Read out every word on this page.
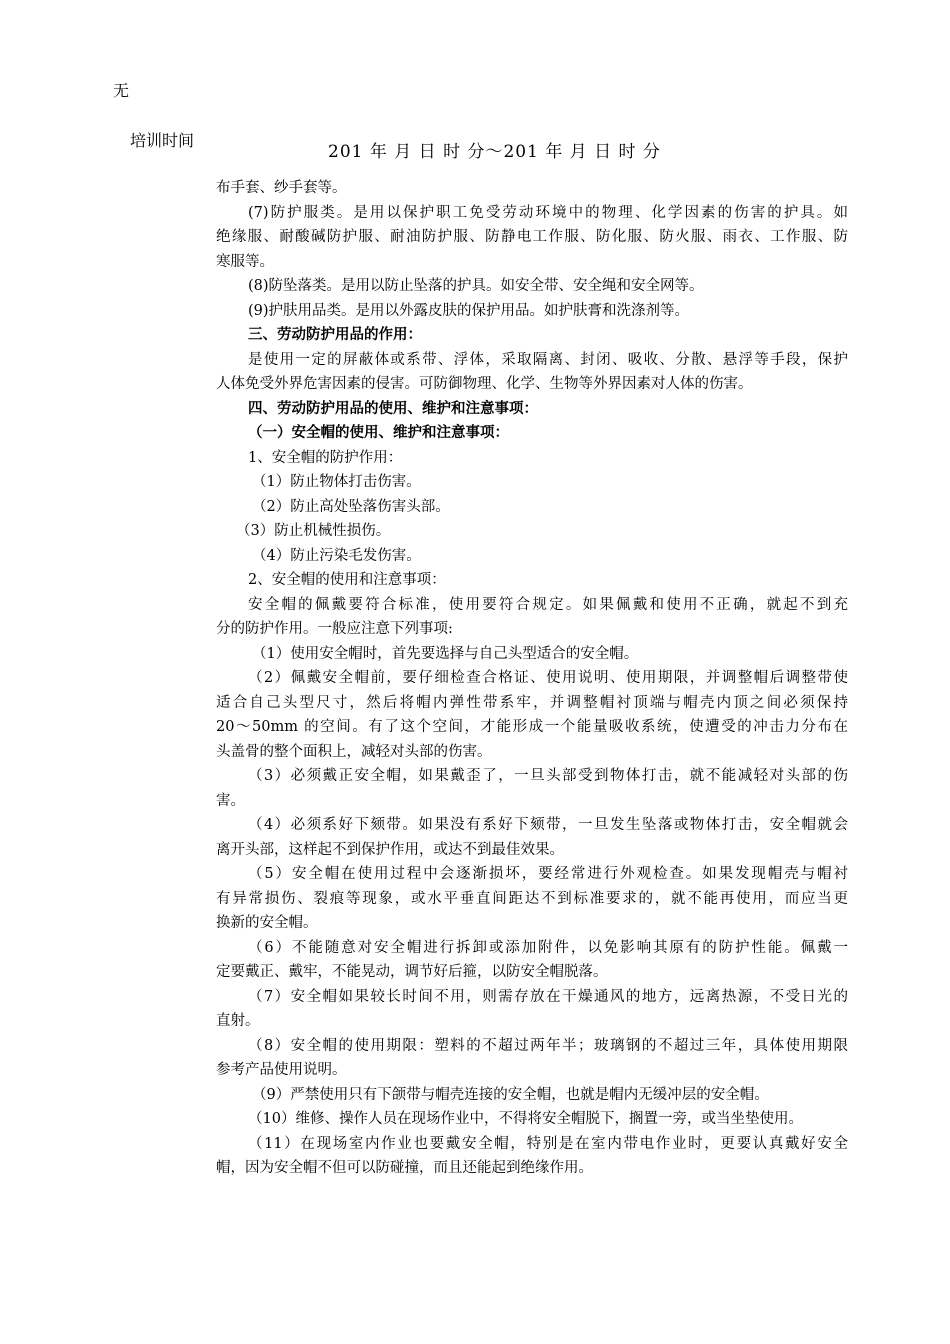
无
培训时间
201 年 月 日 时 分～201 年 月 日 时 分
布手套、纱手套等。
(7)防护服类。是用以保护职工免受劳动环境中的物理、化学因素的伤害的护具。如
绝缘服、耐酸碱防护服、耐油防护服、防静电工作服、防化服、防火服、雨衣、工作服、防
寒服等。
(8)防坠落类。是用以防止坠落的护具。如安全带、安全绳和安全网等。
(9)护肤用品类。是用以外露皮肤的保护用品。如护肤膏和洗涤剂等。
三、劳动防护用品的作用：
是使用一定的屏蔽体或系带、浮体，采取隔离、封闭、吸收、分散、悬浮等手段，保护
人体免受外界危害因素的侵害。可防御物理、化学、生物等外界因素对人体的伤害。
四、劳动防护用品的使用、维护和注意事项：
（一）安全帽的使用、维护和注意事项：
1、安全帽的防护作用：
（1）防止物体打击伤害。
（2）防止高处坠落伤害头部。
（3）防止机械性损伤。
（4）防止污染毛发伤害。
2、安全帽的使用和注意事项：
安全帽的佩戴要符合标准，使用要符合规定。如果佩戴和使用不正确，就起不到充
分的防护作用。一般应注意下列事项:
（1）使用安全帽时，首先要选择与自己头型适合的安全帽。
（2）佩戴安全帽前，要仔细检查合格证、使用说明、使用期限，并调整帽后调整带使
适合自己头型尺寸，然后将帽内弹性带系牢，并调整帽衬顶端与帽壳内顶之间必须保持
20～50mm 的空间。有了这个空间，才能形成一个能量吸收系统，使遭受的冲击力分布在
头盖骨的整个面积上，减轻对头部的伤害。
（3）必须戴正安全帽，如果戴歪了，一旦头部受到物体打击，就不能减轻对头部的伤
害。
（4）必须系好下颏带。如果没有系好下颏带，一旦发生坠落或物体打击，安全帽就会
离开头部，这样起不到保护作用，或达不到最佳效果。
（5）安全帽在使用过程中会逐渐损坏，要经常进行外观检查。如果发现帽壳与帽衬
有异常损伤、裂痕等现象，或水平垂直间距达不到标准要求的，就不能再使用，而应当更
换新的安全帽。
（6）不能随意对安全帽进行拆卸或添加附件，以免影响其原有的防护性能。佩戴一
定要戴正、戴牢，不能晃动，调节好后箍，以防安全帽脱落。
（7）安全帽如果较长时间不用，则需存放在干燥通风的地方，远离热源，不受日光的
直射。
（8）安全帽的使用期限：塑料的不超过两年半；玻璃钢的不超过三年，具体使用期限
参考产品使用说明。
（9）严禁使用只有下颌带与帽壳连接的安全帽，也就是帽内无缓冲层的安全帽。
（10）维修、操作人员在现场作业中，不得将安全帽脱下，搁置一旁，或当坐垫使用。
（11）在现场室内作业也要戴安全帽，特别是在室内带电作业时，更要认真戴好安全
帽，因为安全帽不但可以防碰撞，而且还能起到绝缘作用。
